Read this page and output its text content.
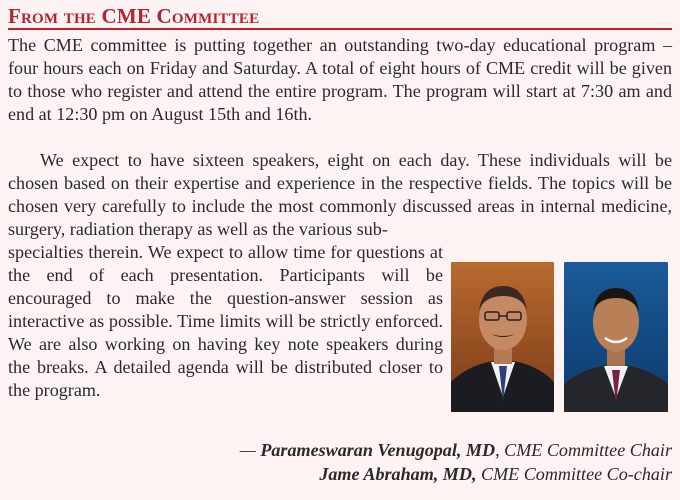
From the CME Committee

The CME committee is putting together an outstanding two-day educational program – four hours each on Friday and Saturday. A total of eight hours of CME credit will be given to those who register and attend the entire program. The program will start at 7:30 am and end at 12:30 pm on August 15th and 16th.

We expect to have sixteen speakers, eight on each day. These individuals will be chosen based on their expertise and experience in the respective fields. The topics will be chosen very carefully to include the most commonly discussed areas in internal medicine, surgery, radiation therapy as well as the various sub-

specialties therein. We expect to allow time for questions at the end of each presentation. Participants will be encouraged to make the question-answer session as interactive as possible. Time limits will be strictly enforced. We are also working on having key note speakers during the breaks. A detailed agenda will be distributed closer to the program.

— Parameswaran Venugopal, MD, CME Committee Chair
Jame Abraham, MD, CME Committee Co-chair
